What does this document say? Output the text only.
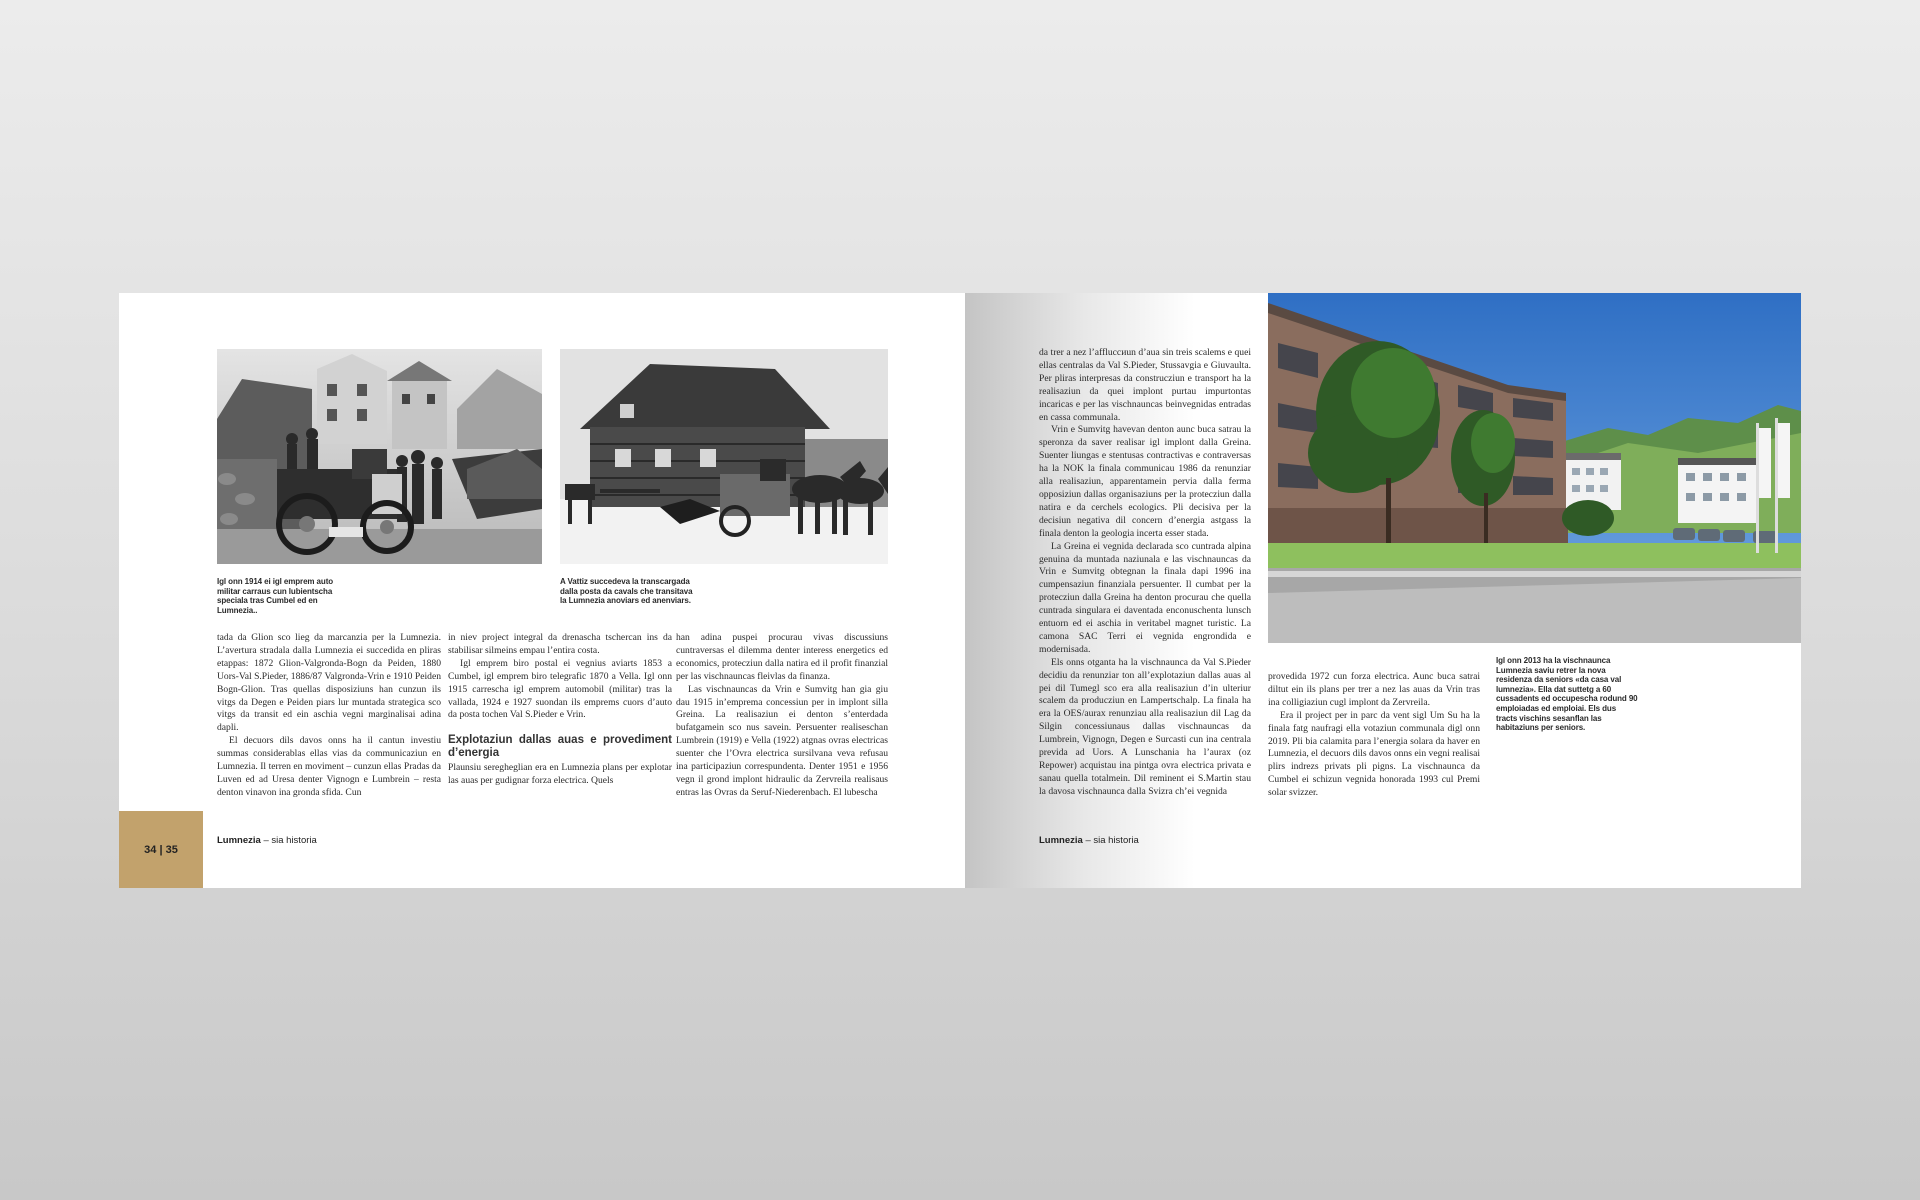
Igl onn 1914 ei igl emprem auto militar carraus cun lubientscha speciala tras Cumbel ed en Lumnezia..
A Vattiz succedeva la transcargada dalla posta da cavals che transitava la Lumnezia anoviars ed anenviars.

tada da Glion sco lieg da marcanzia per la Lumnezia. L’avertura stradala dalla Lumnezia ei succedida en pliras etappas: 1872 Glion-Valgronda-Bogn da Peiden, 1880 Uors-Val S.Pieder, 1886/87 Valgronda-Vrin e 1910 Peiden Bogn-Glion. Tras quellas disposiziuns han cunzun ils vitgs da Degen e Peiden piars lur muntada strategica sco vitgs da transit ed ein aschia vegni marginalisai adina dapli.

El decuors dils davos onns ha il cantun investiu summas considerablas ellas vias da communicaziun en Lumnezia. Il terren en moviment – cunzun ellas Pradas da Luven ed ad Uresa denter Vignogn e Lumbrein – resta denton vinavon ina gronda sfida. Cun

in niev project integral da drenascha tschercan ins da stabilisar silmeins empau l’entira costa.

Igl emprem biro postal ei vegnius aviarts 1853 a Cumbel, igl emprem biro telegrafic 1870 a Vella. Igl onn 1915 carrescha igl emprem automobil (militar) tras la vallada, 1924 e 1927 suondan ils emprems cuors d’auto da posta tochen Val S.Pieder e Vrin.

Explotaziun dallas auas e provediment d’energia

Plaunsiu seregheglian era en Lumnezia plans per explotar las auas per gudignar forza electrica. Quels

han adina puspei procurau vivas discussiuns cuntraversas el dilemma denter interess energetics ed economics, protecziun dalla natira ed il profit finanzial per las vischnauncas fleivlas da finanza.

Las vischnauncas da Vrin e Sumvitg han gia giu dau 1915 in’empremа concessiun per in implont silla Greina. La realisaziun ei denton s’enterdada bufatgamein sco nus savein. Persuenter realiseschan Lumbrein (1919) e Vella (1922) atgnas ovras electricas suenter che l’Ovra electrica sursilvana veva refusau ina participaziun correspundenta. Denter 1951 e 1956 vegn il grond implont hidraulic da Zervreila realisaus entras las Ovras da Seruf-Niederenbach. El lubescha

34 | 35
Lumnezia – sia historia

da trer a nez l’affluссиun d’aua sin treis scalems e quei ellas centralas da Val S.Pieder, Stussavgia e Giuvaulta. Per pliras interpresas da construcziun e transport ha la realisaziun da quei implont purtau impurtontas incaricas e per las vischnauncas beinvegnidas entradas en cassa communala.

Vrin e Sumvitg havevan denton aunc buca satrau la speronza da saver realisar igl implont dalla Greina. Suenter liungas e stentusas contractivas e contraversas ha la NOK la finala communicau 1986 da renunziar alla realisaziun, apparentamein pervia dalla ferma opposiziun dallas organisaziuns per la protecziun dalla natira e da cerchels ecologics. Pli decisiva per la decisiun negativa dil concern d’energia astgass la finala denton la geologia incerta esser stada.

La Greina ei vegnida declarada sco cuntrada alpina genuina da muntada naziunala e las vischnauncas da Vrin e Sumvitg obtegnan la finala dapi 1996 ina cumpensaziun finanziala persuenter. Il cumbat per la protecziun dalla Greina ha denton procurau che quella cuntrada singulara ei daventada enconuschenta lunsch entuorn ed ei aschia in veritabel magnet turistic. La camona SAC Terri ei vegnida engrondida e modernisada.

Els onns otganta ha la vischnaunca da Val S.Pieder decidiu da renunziar ton all’explotaziun dallas auas al pei dil Tumegl sco era alla realisaziun d’in ulteriur scalem da producziun en Lampertschalp. La finala ha era la OES/aurax renunziau alla realisaziun dil Lag da Silgin concessiunaus dallas vischnauncas da Lumbrein, Vignogn, Degen e Surcasti cun ina centrala previda ad Uors. A Lunschania ha l’aurax (oz Repower) acquistau ina pintga ovra electrica privata e sanau quella totalmein. Dil reminent ei S.Martin stau la davosa vischnaunca dalla Svizra ch’ei vegnida

Igl onn 2013 ha la vischnaunca Lumnezia saviu retrer la nova residenza da seniors «da casa val lumnezia». Ella dat suttetg a 60 cussadents ed occupescha rodund 90 emploiadas ed emploiai. Els dus tracts vischins sesanflan las habitaziuns per seniors.

provedida 1972 cun forza electrica. Aunc buca satrai diltut ein ils plans per trer a nez las auas da Vrin tras ina colligiaziun cugl implont da Zervreila.

Era il project per in parc da vent sigl Um Su ha la finala fatg naufragi ella votaziun communala digl onn 2019. Pli bia calamita para l’energia solara da haver en Lumnezia, el decuors dils davos onns ein vegni realisai plirs indrezs privats pli pigns. La vischnaunca da Cumbel ei schizun vegnida honorada 1993 cul Premi solar svizzer.

Lumnezia – sia historia
